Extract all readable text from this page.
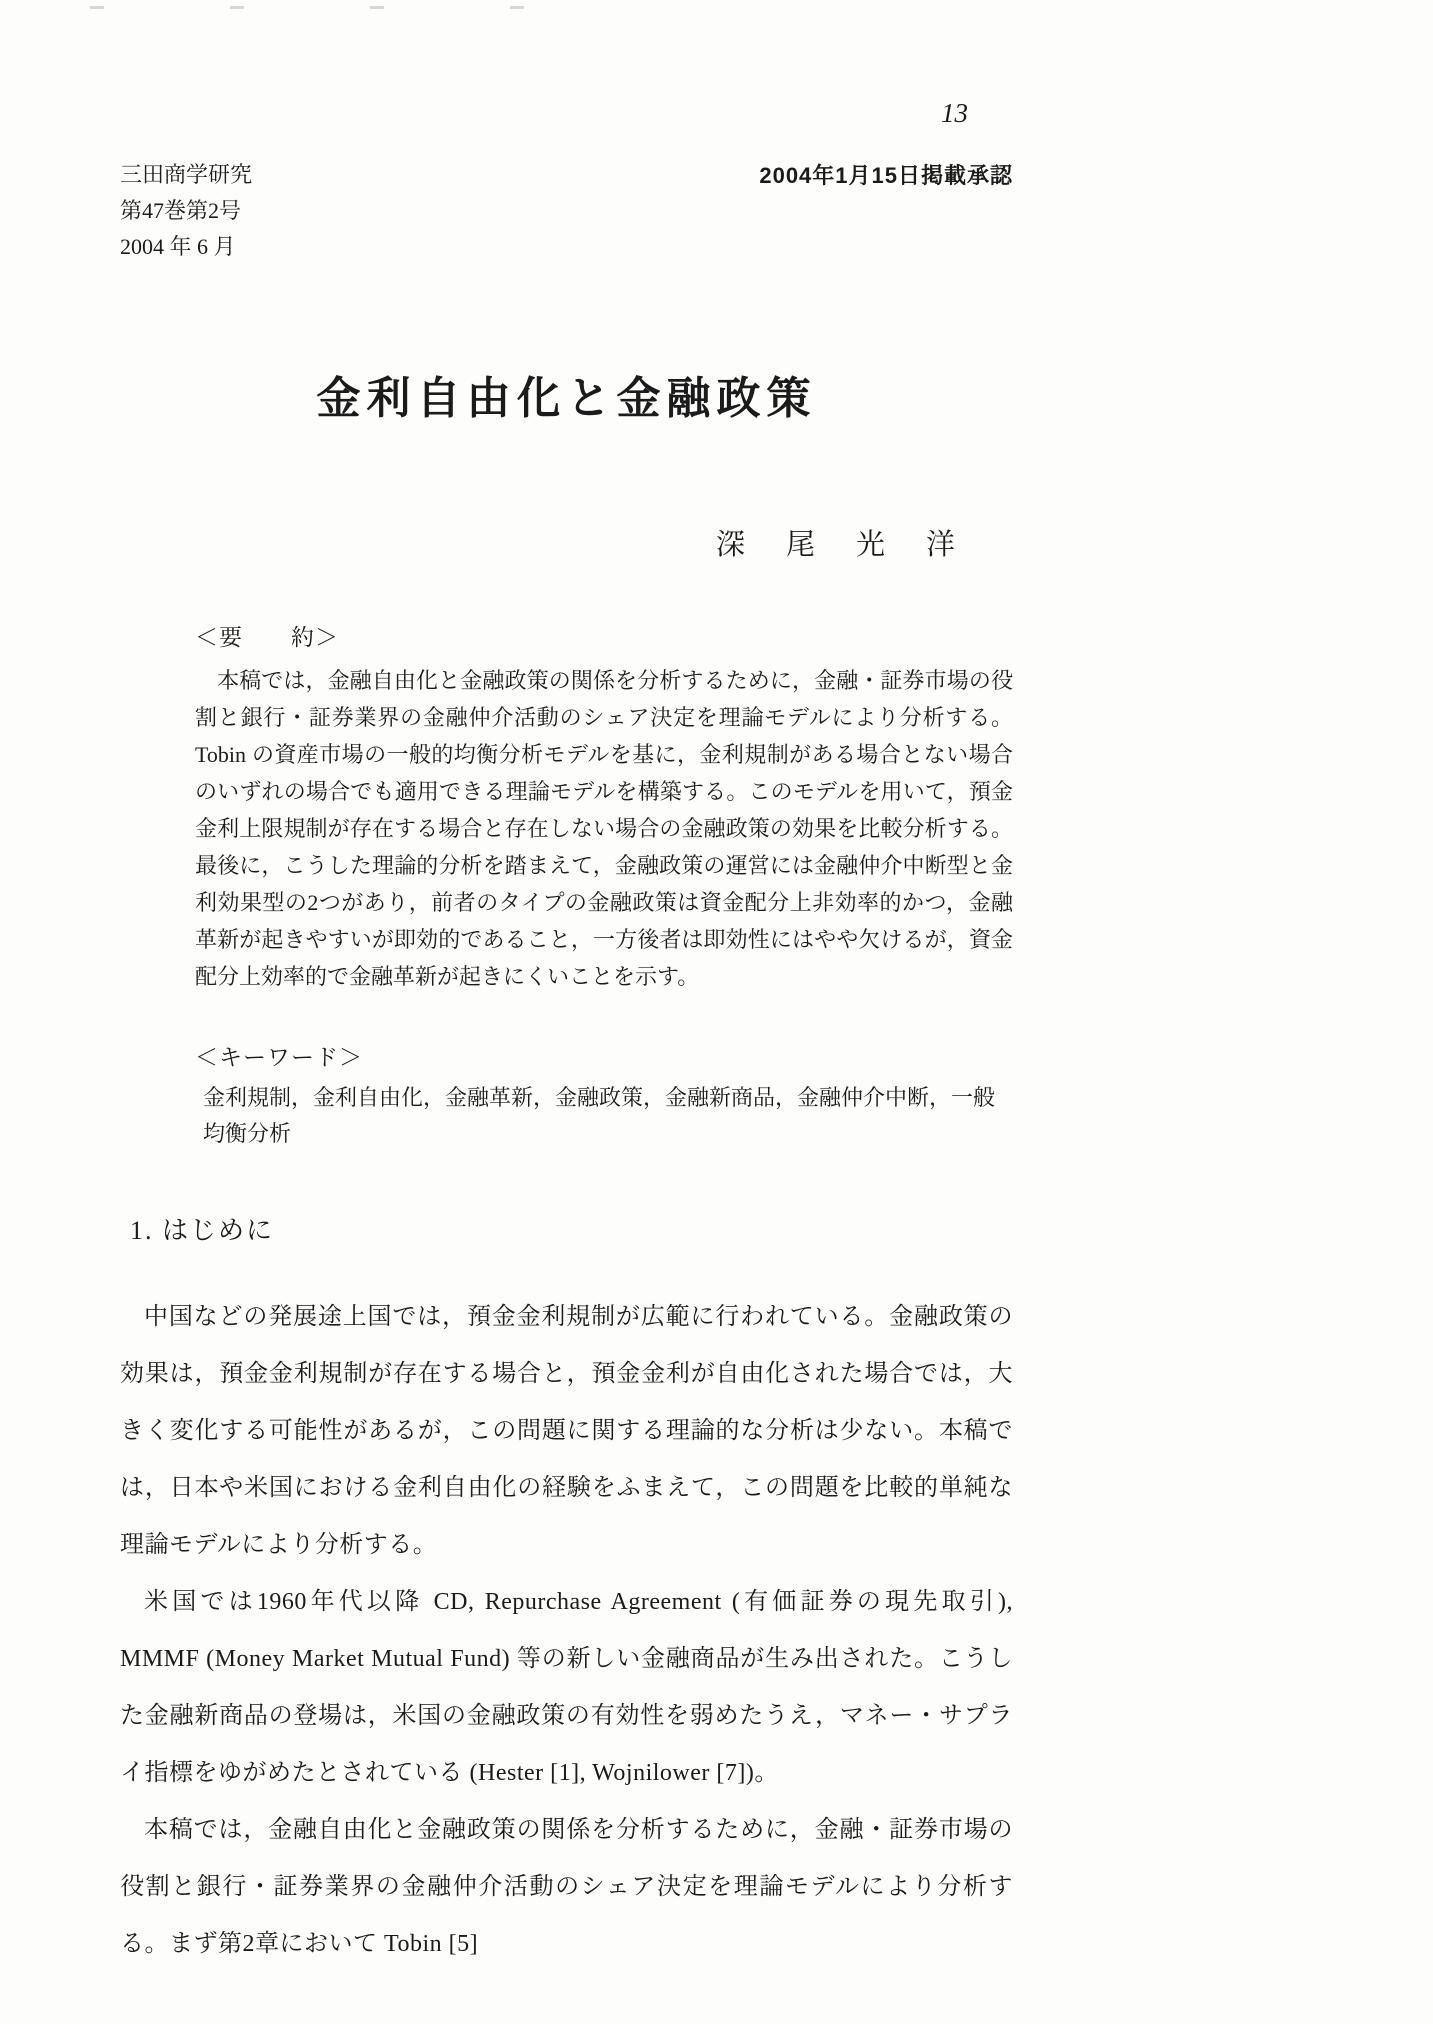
13
三田商学研究
第47巻第2号
2004 年 6 月
2004年1月15日掲載承認
金利自由化と金融政策
深　尾　光　洋
＜要　　約＞

本稿では，金融自由化と金融政策の関係を分析するために，金融・証券市場の役割と銀行・証券業界の金融仲介活動のシェア決定を理論モデルにより分析する。Tobin の資産市場の一般的均衡分析モデルを基に，金利規制がある場合とない場合のいずれの場合でも適用できる理論モデルを構築する。このモデルを用いて，預金金利上限規制が存在する場合と存在しない場合の金融政策の効果を比較分析する。最後に，こうした理論的分析を踏まえて，金融政策の運営には金融仲介中断型と金利効果型の2つがあり，前者のタイプの金融政策は資金配分上非効率的かつ，金融革新が起きやすいが即効的であること，一方後者は即効性にはやや欠けるが，資金配分上効率的で金融革新が起きにくいことを示す。

＜キーワード＞

金利規制，金利自由化，金融革新，金融政策，金融新商品，金融仲介中断，一般均衡分析

1. はじめに

中国などの発展途上国では，預金金利規制が広範に行われている。金融政策の効果は，預金金利規制が存在する場合と，預金金利が自由化された場合では，大きく変化する可能性があるが，この問題に関する理論的な分析は少ない。本稿では，日本や米国における金利自由化の経験をふまえて，この問題を比較的単純な理論モデルにより分析する。

米国では1960年代以降 CD, Repurchase Agreement (有価証券の現先取引), MMMF (Money Market Mutual Fund) 等の新しい金融商品が生み出された。こうした金融新商品の登場は，米国の金融政策の有効性を弱めたうえ，マネー・サプライ指標をゆがめたとされている (Hester [1], Wojnilower [7])。

本稿では，金融自由化と金融政策の関係を分析するために，金融・証券市場の役割と銀行・証券業界の金融仲介活動のシェア決定を理論モデルにより分析する。まず第2章において Tobin [5]
